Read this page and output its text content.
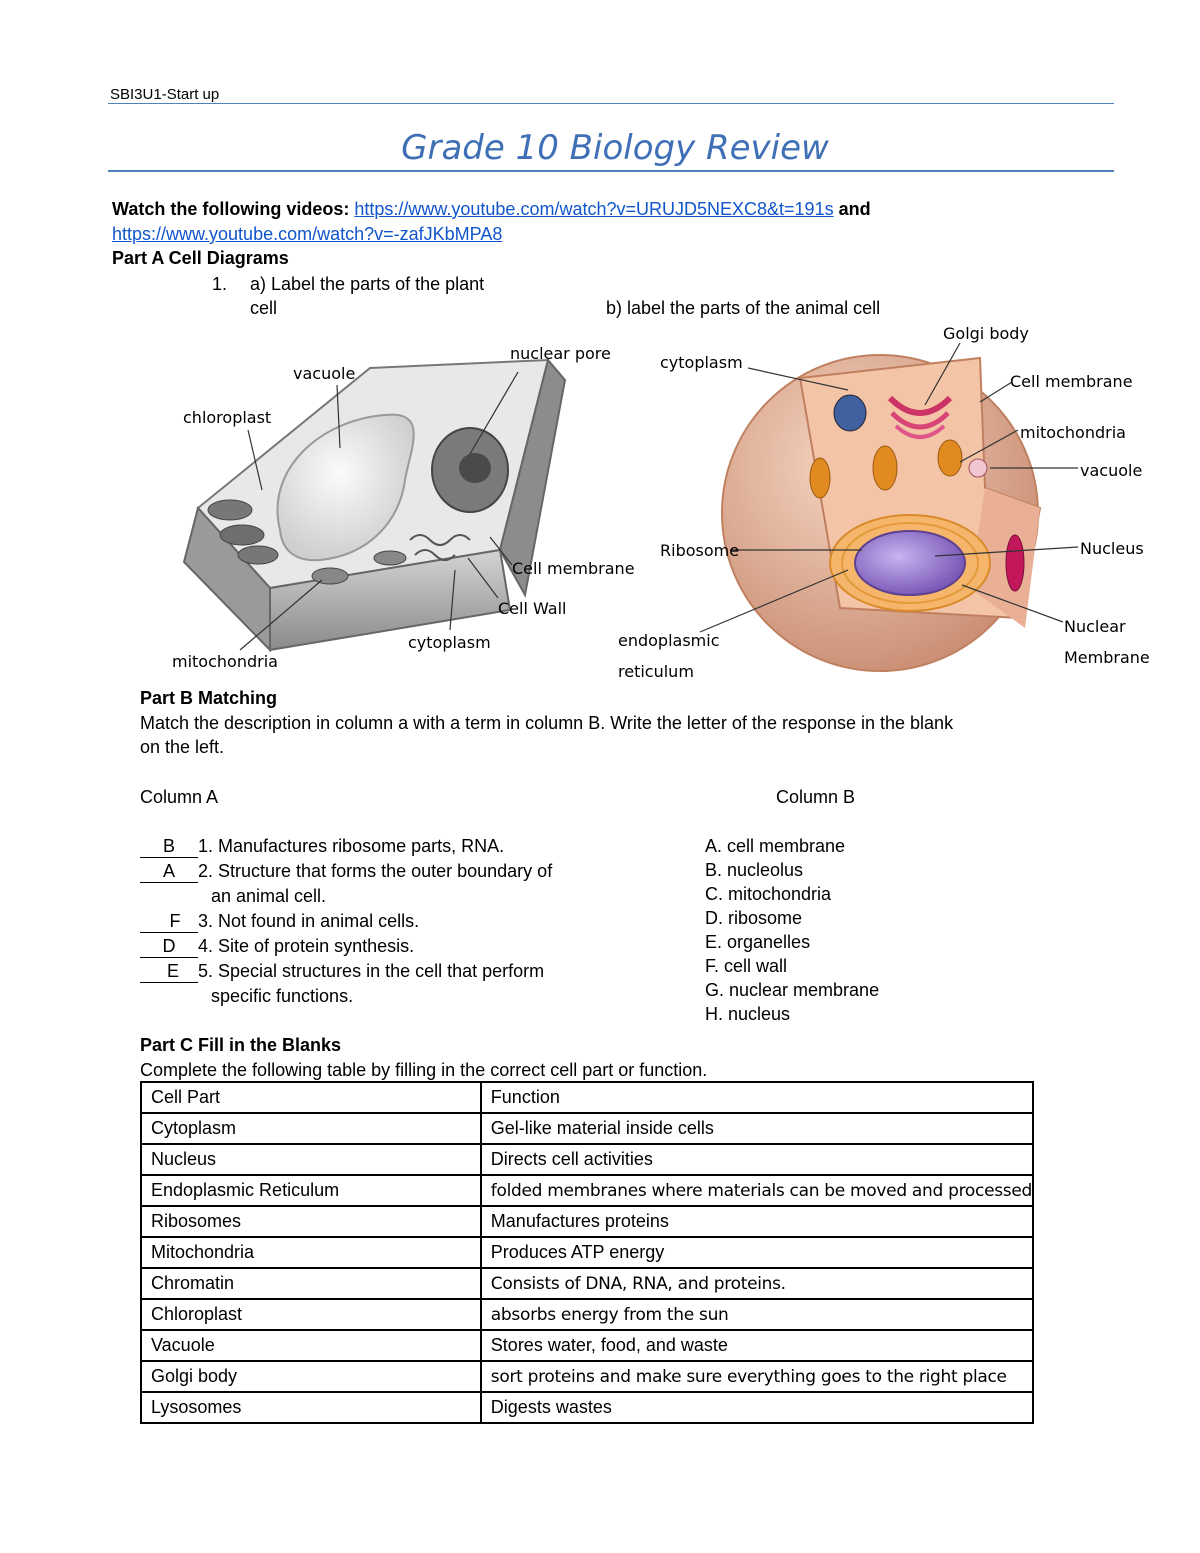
SBI3U1-Start up
Grade 10 Biology Review
Watch the following videos: https://www.youtube.com/watch?v=URUJD5NEXC8&t=191s and
https://www.youtube.com/watch?v=-zafJKbMPA8
Part A Cell Diagrams
1. a) Label the parts of the plant
cell	b) label the parts of the animal cell
vacuole
chloroplast
nuclear pore
Cell membrane
Cell Wall
cytoplasm
mitochondria
Golgi body
cytoplasm
Cell membrane
mitochondria
vacuole
Ribosome	Nucleus
endoplasmic
reticulum
Nuclear
Membrane
Part B Matching
Match the description in column a with a term in column B. Write the letter of the response in the blank
on the left.
Column A	Column B
B 1. Manufactures ribosome parts, RNA.
A 2. Structure that forms the outer boundary of
an animal cell.
F 3. Not found in animal cells.
D 4. Site of protein synthesis.
E 5. Special structures in the cell that perform
specific functions.
A. cell membrane
B. nucleolus
C. mitochondria
D. ribosome
E. organelles
F. cell wall
G. nuclear membrane
H. nucleus
Part C Fill in the Blanks
Complete the following table by filling in the correct cell part or function.
Cell Part	Function
Cytoplasm	Gel-like material inside cells
Nucleus	Directs cell activities
Endoplasmic Reticulum	folded membranes where materials can be moved and processed
Ribosomes	Manufactures proteins
Mitochondria	Produces ATP energy
Chromatin	Consists of DNA, RNA, and proteins.
Chloroplast	absorbs energy from the sun
Vacuole	Stores water, food, and waste
Golgi body	sort proteins and make sure everything goes to the right place
Lysosomes	Digests wastes
